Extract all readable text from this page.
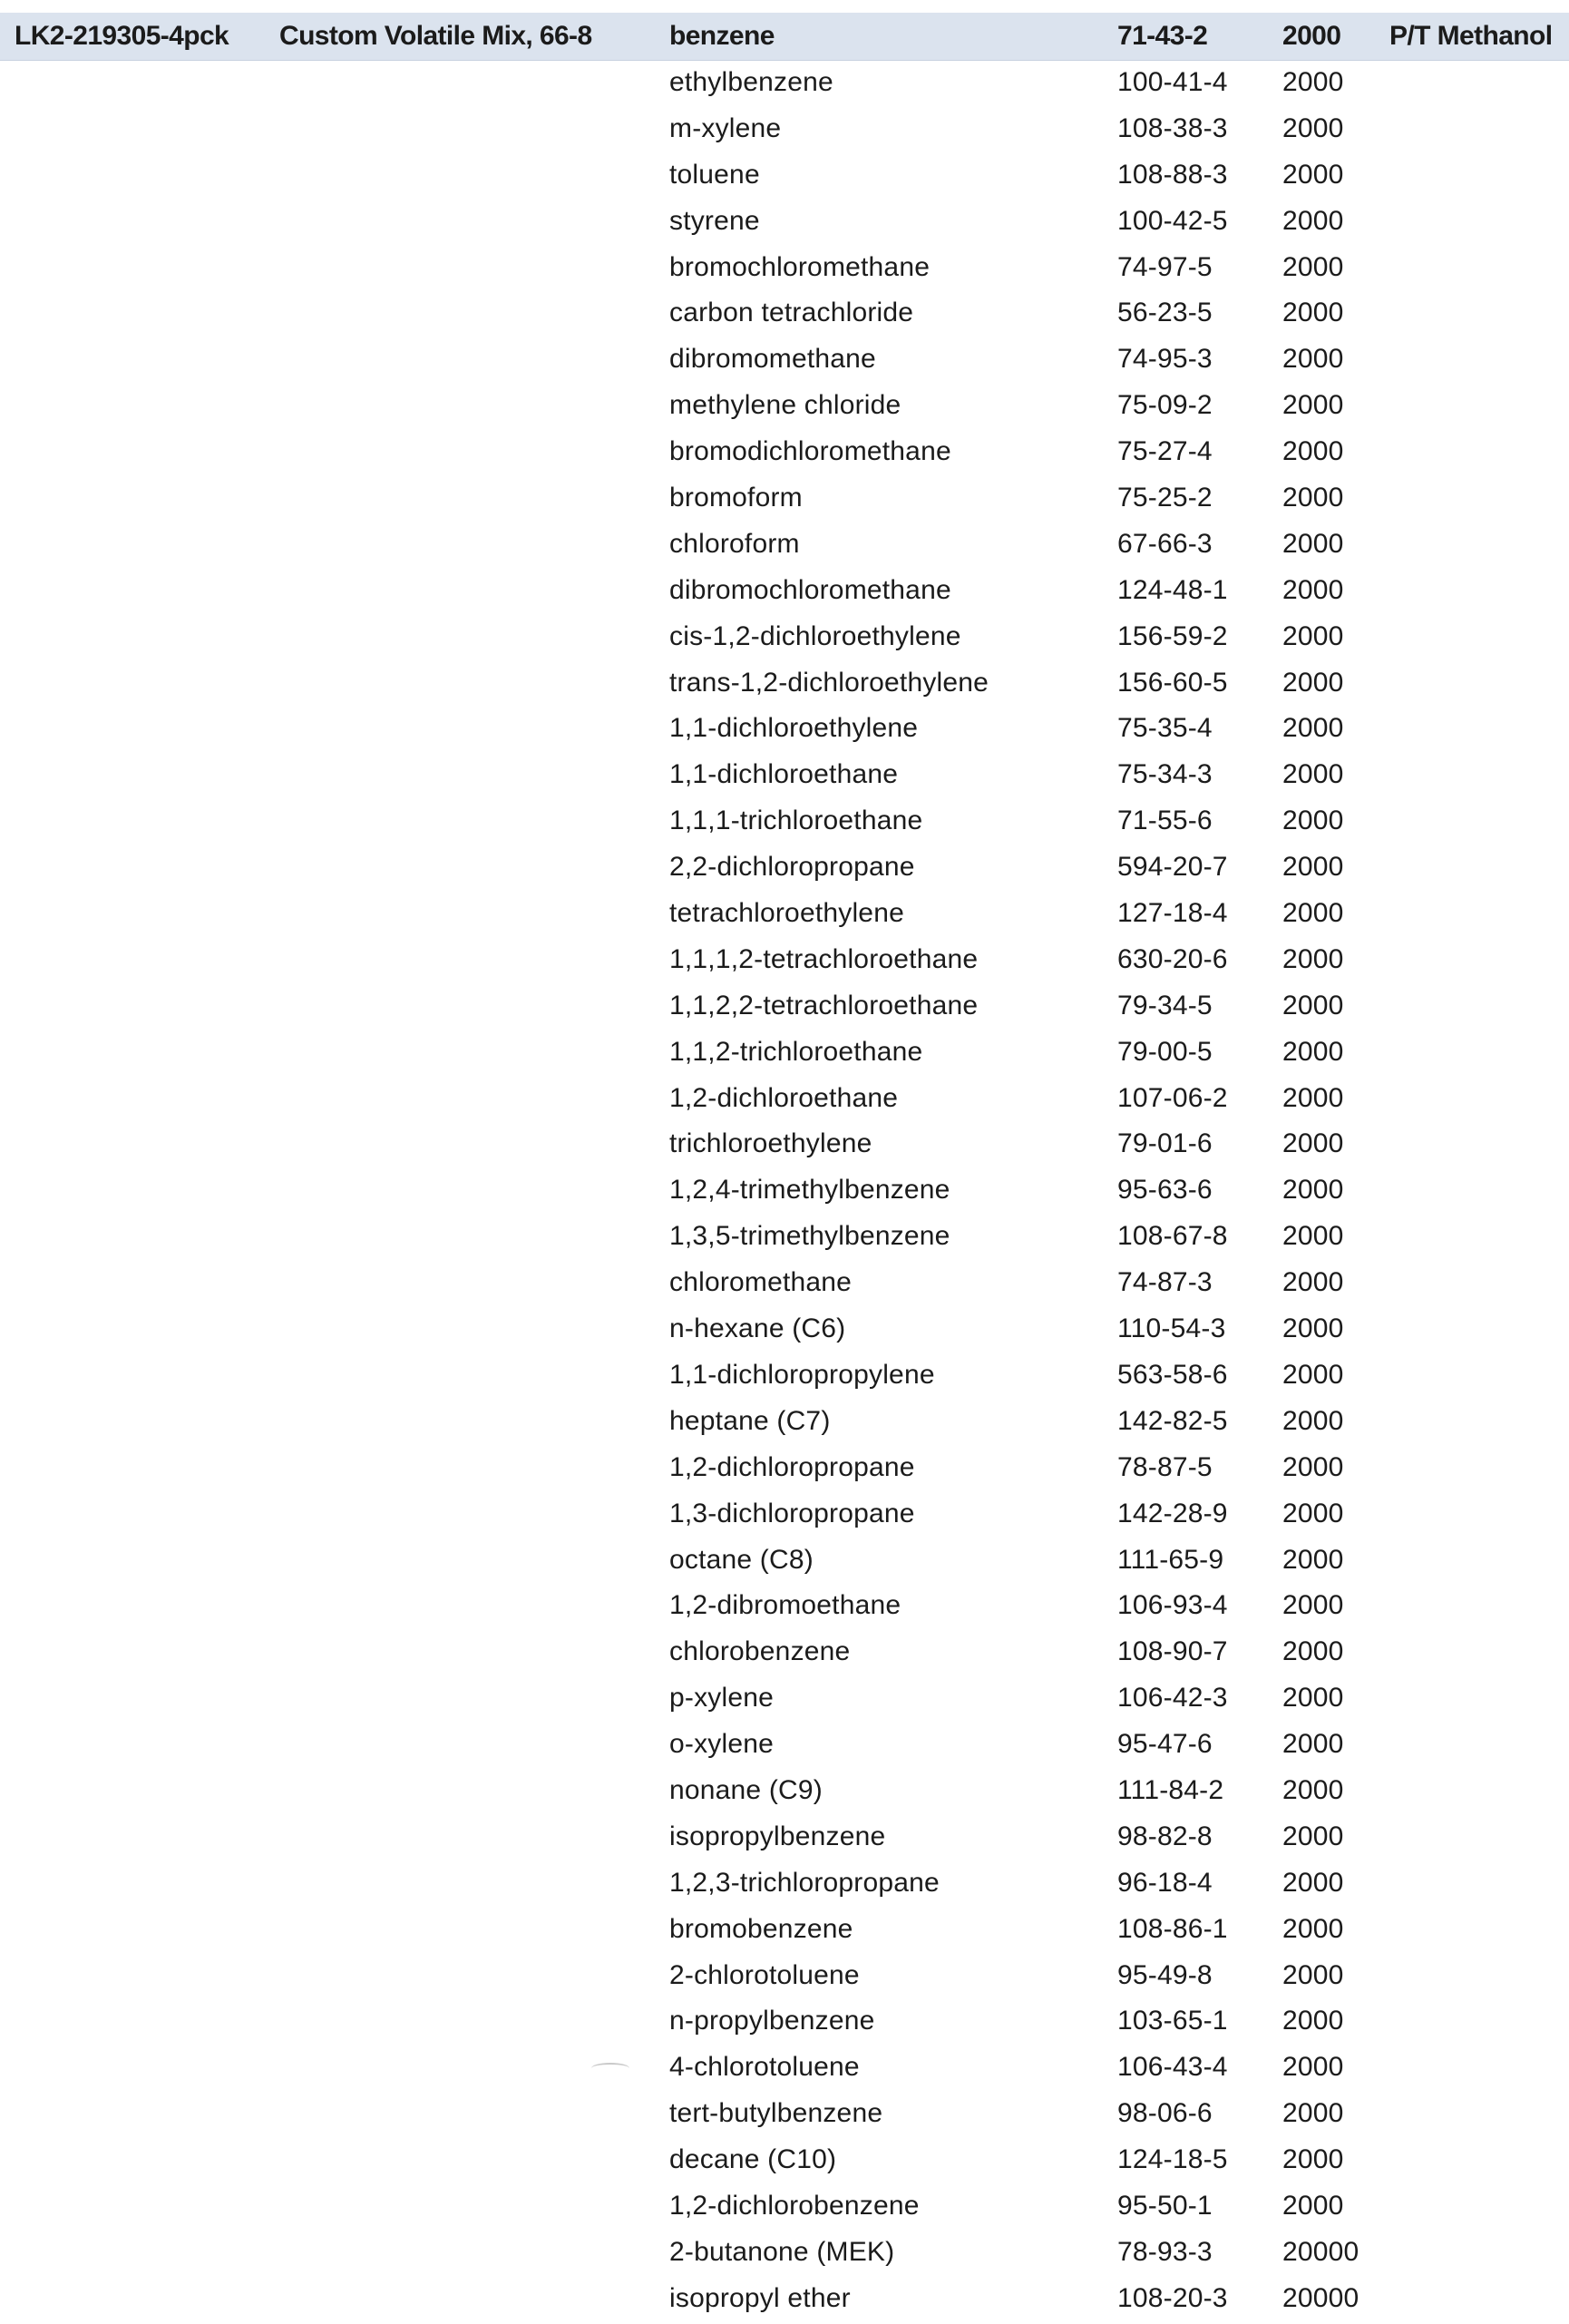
LK2-219305-4pck Custom Volatile Mix, 66-8	benzene	71-43-2	2000 P/T Methanol
ethylbenzene	100-41-4 2000
m-xylene	108-38-3 2000
toluene	108-88-3 2000
styrene	100-42-5 2000
bromochloromethane	74-97-5	2000
carbon tetrachloride	56-23-5	2000
dibromomethane	74-95-3	2000
methylene chloride	75-09-2	2000
bromodichloromethane	75-27-4	2000
bromoform	75-25-2	2000
chloroform	67-66-3	2000
dibromochloromethane	124-48-1 2000
cis-1,2-dichloroethylene	156-59-2 2000
trans-1,2-dichloroethylene	156-60-5 2000
1,1-dichloroethylene	75-35-4	2000
1,1-dichloroethane	75-34-3	2000
1,1,1-trichloroethane	71-55-6	2000
2,2-dichloropropane	594-20-7 2000
tetrachloroethylene	127-18-4 2000
1,1,1,2-tetrachloroethane	630-20-6 2000
1,1,2,2-tetrachloroethane	79-34-5	2000
1,1,2-trichloroethane	79-00-5	2000
1,2-dichloroethane	107-06-2 2000
trichloroethylene	79-01-6	2000
1,2,4-trimethylbenzene	95-63-6	2000
1,3,5-trimethylbenzene	108-67-8 2000
chloromethane	74-87-3	2000
n-hexane (C6)	110-54-3 2000
1,1-dichloropropylene	563-58-6 2000
heptane (C7)	142-82-5 2000
1,2-dichloropropane	78-87-5	2000
1,3-dichloropropane	142-28-9 2000
octane (C8)	111-65-9 2000
1,2-dibromoethane	106-93-4 2000
chlorobenzene	108-90-7 2000
p-xylene	106-42-3 2000
o-xylene	95-47-6	2000
nonane (C9)	111-84-2 2000
isopropylbenzene	98-82-8	2000
1,2,3-trichloropropane	96-18-4	2000
bromobenzene	108-86-1 2000
2-chlorotoluene	95-49-8	2000
n-propylbenzene	103-65-1 2000
4-chlorotoluene	106-43-4 2000
tert-butylbenzene	98-06-6	2000
decane (C10)	124-18-5 2000
1,2-dichlorobenzene	95-50-1	2000
2-butanone (MEK)	78-93-3	20000
isopropyl ether	108-20-3 20000
